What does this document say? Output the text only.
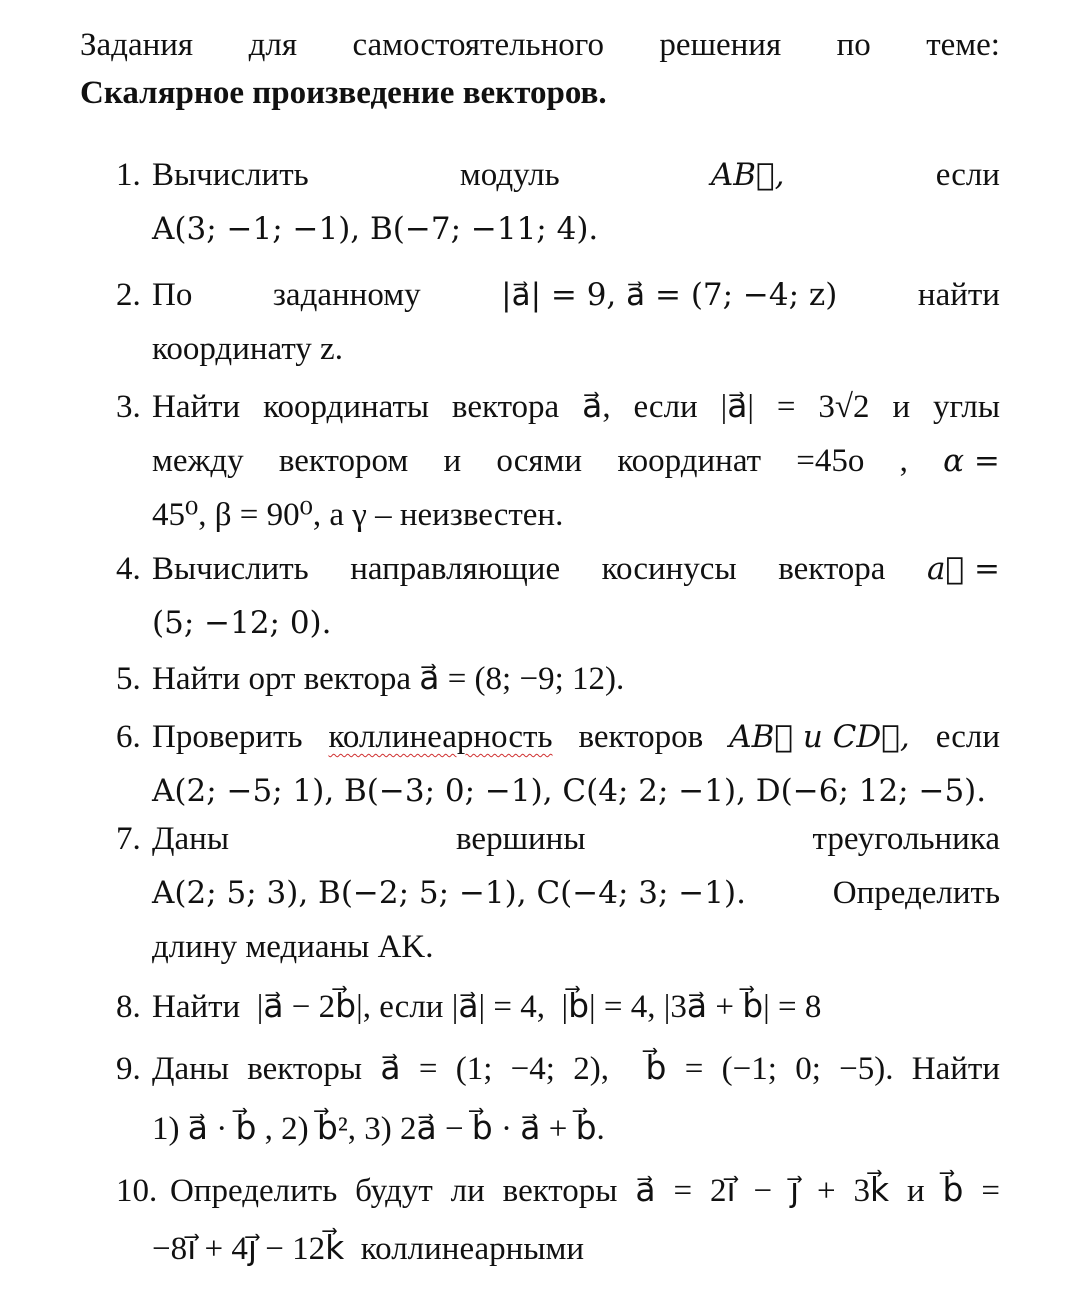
Задания для самостоятельного решения по теме:
Скалярное произведение векторов.
1. Вычислить	модуль	AB⃗,	если
A(3; −1; −1), B(−7; −11; 4).
2. По заданному	|a⃗| = 9, a⃗ = (7; −4; z) найти
координату z.
3. Найти координаты вектора a⃗, если |a⃗| = 3√2 и углы
между вектором и осями координат =45о , α =
45⁰, β = 90⁰, а γ – неизвестен.
4. Вычислить направляющие косинусы вектора a⃗ =
(5; −12; 0).
5. Найти орт вектора a⃗ = (8; −9; 12).
6. Проверить коллинеарность векторов AB⃗ и CD⃗, если
A(2; −5; 1), B(−3; 0; −1), C(4; 2; −1), D(−6; 12; −5).
7. Даны	вершины	треугольника
A(2; 5; 3), B(−2; 5; −1), C(−4; 3; −1).	Определить
длину медианы AK.
8. Найти  |a⃗ − 2b⃗|, если |a⃗| = 4,  |b⃗| = 4, |3a⃗ + b⃗| = 8
9. Даны векторы a⃗ = (1; −4; 2),  b⃗ = (−1; 0; −5). Найти
1) a⃗ · b⃗ , 2) b⃗², 3) 2a⃗ − b⃗ · a⃗ + b⃗.
10. Определить будут ли векторы a⃗ = 2i⃗ − j⃗ + 3k⃗ и b⃗ =
−8i⃗ + 4j⃗ − 12k⃗  коллинеарными
